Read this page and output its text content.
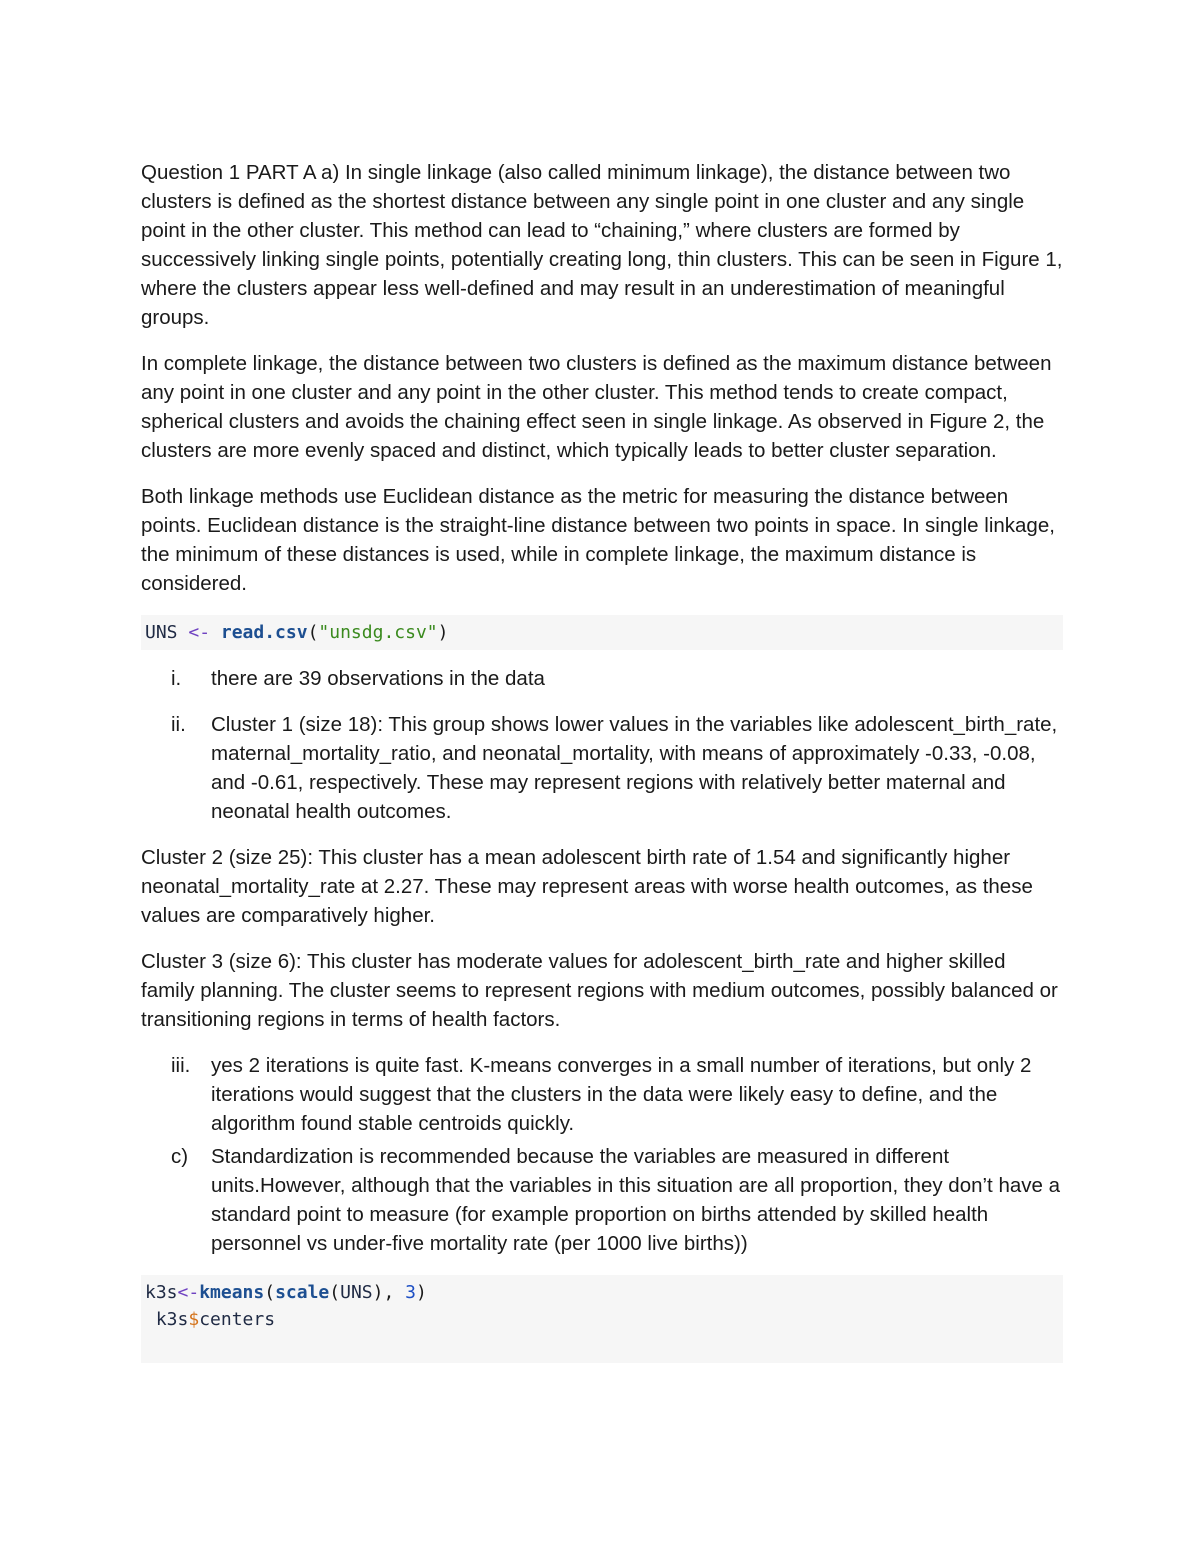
Question 1 PART A a) In single linkage (also called minimum linkage), the distance between two clusters is defined as the shortest distance between any single point in one cluster and any single point in the other cluster. This method can lead to “chaining,” where clusters are formed by successively linking single points, potentially creating long, thin clusters. This can be seen in Figure 1, where the clusters appear less well-defined and may result in an underestimation of meaningful groups.

In complete linkage, the distance between two clusters is defined as the maximum distance between any point in one cluster and any point in the other cluster. This method tends to create compact, spherical clusters and avoids the chaining effect seen in single linkage. As observed in Figure 2, the clusters are more evenly spaced and distinct, which typically leads to better cluster separation.

Both linkage methods use Euclidean distance as the metric for measuring the distance between points. Euclidean distance is the straight-line distance between two points in space. In single linkage, the minimum of these distances is used, while in complete linkage, the maximum distance is considered.

UNS <- read.csv("unsdg.csv")
i.	there are 39 observations in the data
ii.	Cluster 1 (size 18): This group shows lower values in the variables like adolescent_birth_rate, maternal_mortality_ratio, and neonatal_mortality, with means of approximately -0.33, -0.08, and -0.61, respectively. These may represent regions with relatively better maternal and neonatal health outcomes.

Cluster 2 (size 25): This cluster has a mean adolescent birth rate of 1.54 and significantly higher neonatal_mortality_rate at 2.27. These may represent areas with worse health outcomes, as these values are comparatively higher.

Cluster 3 (size 6): This cluster has moderate values for adolescent_birth_rate and higher skilled family planning. The cluster seems to represent regions with medium outcomes, possibly balanced or transitioning regions in terms of health factors.

iii.	yes 2 iterations is quite fast. K-means converges in a small number of iterations, but only 2 iterations would suggest that the clusters in the data were likely easy to define, and the algorithm found stable centroids quickly.
c)	Standardization is recommended because the variables are measured in different units.However, although that the variables in this situation are all proportion, they don’t have a standard point to measure (for example proportion on births attended by skilled health personnel vs under-five mortality rate (per 1000 live births))
k3s<-kmeans(scale(UNS), 3)
k3s$centers
